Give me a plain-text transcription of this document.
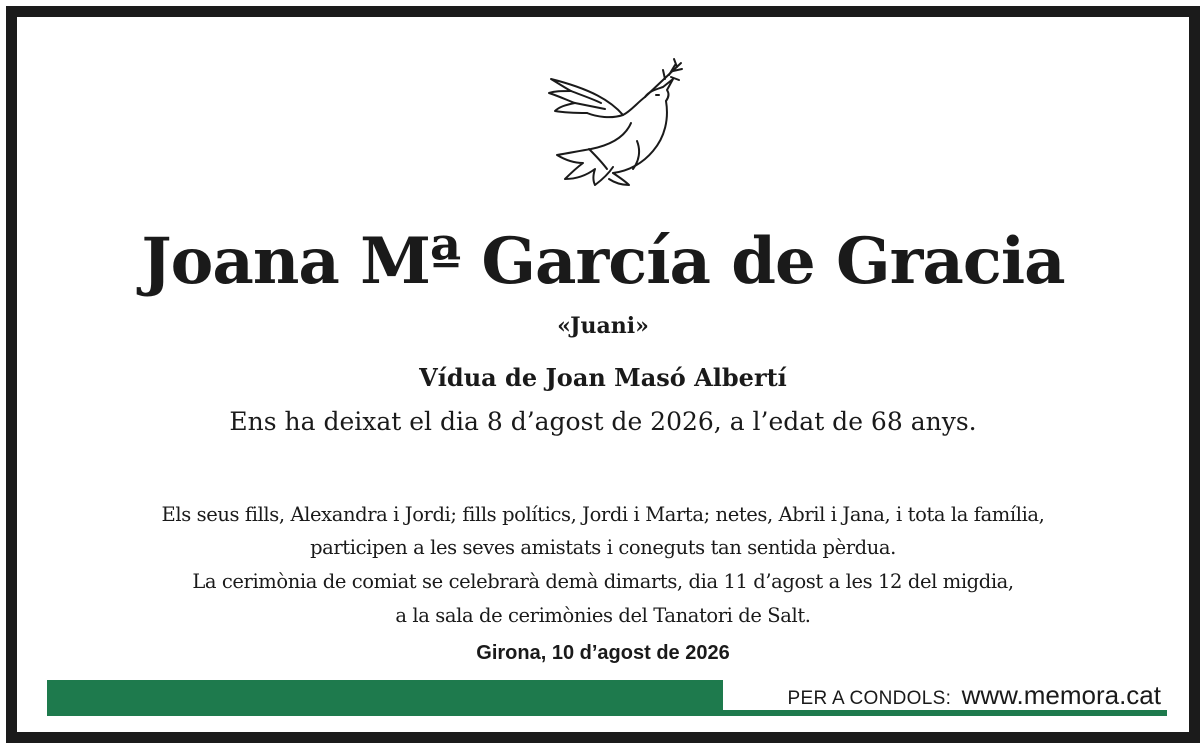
Joana Mª García de Gracia
«Juani»
Vídua de Joan Masó Albertí
Ens ha deixat el dia 8 d’agost de 2026, a l’edat de 68 anys.
Els seus fills, Alexandra i Jordi; fills polítics, Jordi i Marta; netes, Abril i Jana, i tota la família,
participen a les seves amistats i coneguts tan sentida pèrdua.
La cerimònia de comiat se celebrarà demà dimarts, dia 11 d’agost a les 12 del migdia,
a la sala de cerimònies del Tanatori de Salt.
Girona, 10 d’agost de 2026
PER A CONDOLS: www.memora.cat
